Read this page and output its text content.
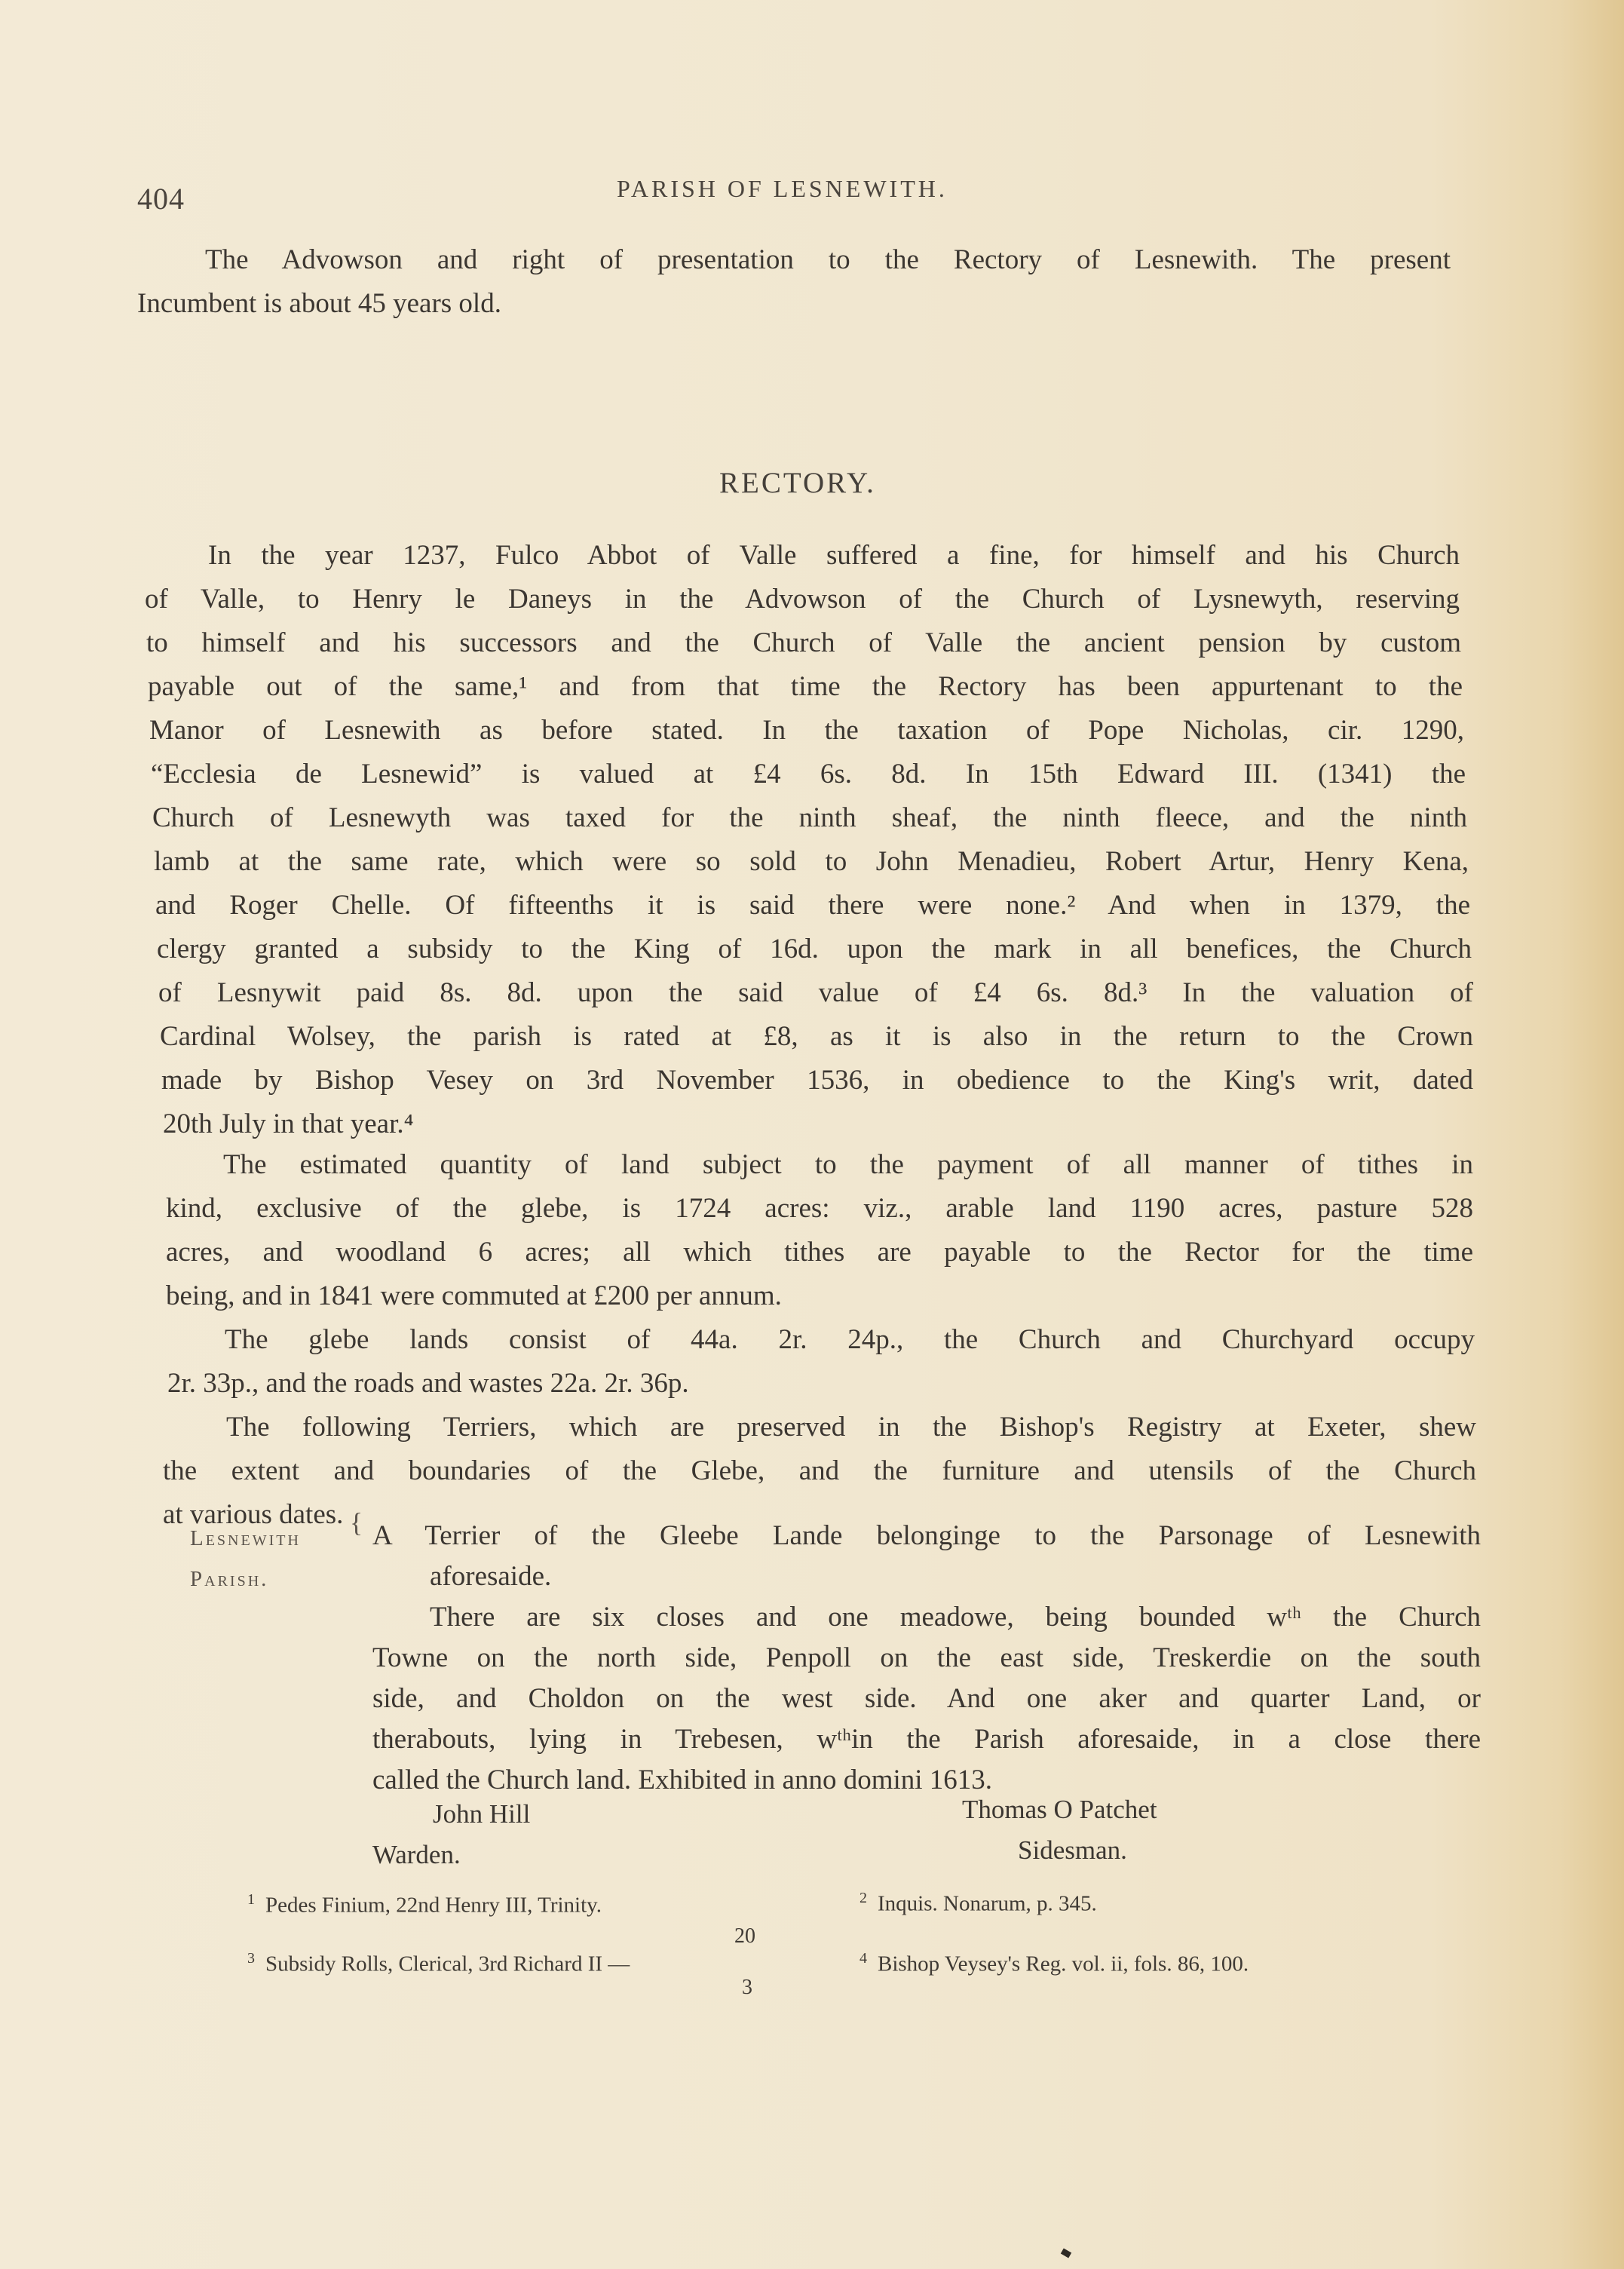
404	PARISH OF LESNEWITH.
The Advowson and right of presentation to the Rectory of Lesnewith. The present
Incumbent is about 45 years old.
RECTORY.
In the year 1237, Fulco Abbot of Valle suffered a fine, for himself and his Church
of Valle, to Henry le Daneys in the Advowson of the Church of Lysnewyth, reserving
to himself and his successors and the Church of Valle the ancient pension by custom
payable out of the same,¹ and from that time the Rectory has been appurtenant to the
Manor of Lesnewith as before stated. In the taxation of Pope Nicholas, cir. 1290,
“Ecclesia de Lesnewid” is valued at £4 6s. 8d. In 15th Edward III. (1341) the
Church of Lesnewyth was taxed for the ninth sheaf, the ninth fleece, and the ninth
lamb at the same rate, which were so sold to John Menadieu, Robert Artur, Henry Kena,
and Roger Chelle. Of fifteenths it is said there were none.² And when in 1379, the
clergy granted a subsidy to the King of 16d. upon the mark in all benefices, the Church
of Lesnywit paid 8s. 8d. upon the said value of £4 6s. 8d.³ In the valuation of
Cardinal Wolsey, the parish is rated at £8, as it is also in the return to the Crown
made by Bishop Vesey on 3rd November 1536, in obedience to the King's writ, dated
20th July in that year.⁴
The estimated quantity of land subject to the payment of all manner of tithes in
kind, exclusive of the glebe, is 1724 acres: viz., arable land 1190 acres, pasture 528
acres, and woodland 6 acres; all which tithes are payable to the Rector for the time
being, and in 1841 were commuted at £200 per annum.
The glebe lands consist of 44a. 2r. 24p., the Church and Churchyard occupy
2r. 33p., and the roads and wastes 22a. 2r. 36p.
The following Terriers, which are preserved in the Bishop's Registry at Exeter, shew
the extent and boundaries of the Glebe, and the furniture and utensils of the Church
at various dates.
Lesnewith
Parish.
{ A Terrier of the Gleebe Lande belonginge to the Parsonage of Lesnewith
aforesaide.
There are six closes and one meadowe, being bounded wᵗʰ the Church
Towne on the north side, Penpoll on the east side, Treskerdie on the south
side, and Choldon on the west side. And one aker and quarter Land, or
therabouts, lying in Trebesen, wᵗʰin the Parish aforesaide, in a close there
called the Church land. Exhibited in anno domini 1613.
John Hill
Warden.
Thomas O Patchet
Sidesman.
$^1$ Pedes Finium, 22nd Henry III, Trinity.	$^2$ Inquis. Nonarum, p. 345.
$^3$ Subsidy Rolls, Clerical, 3rd Richard II —
20
3
$^4$ Bishop Veysey's Reg. vol. ii, fols. 86, 100.
